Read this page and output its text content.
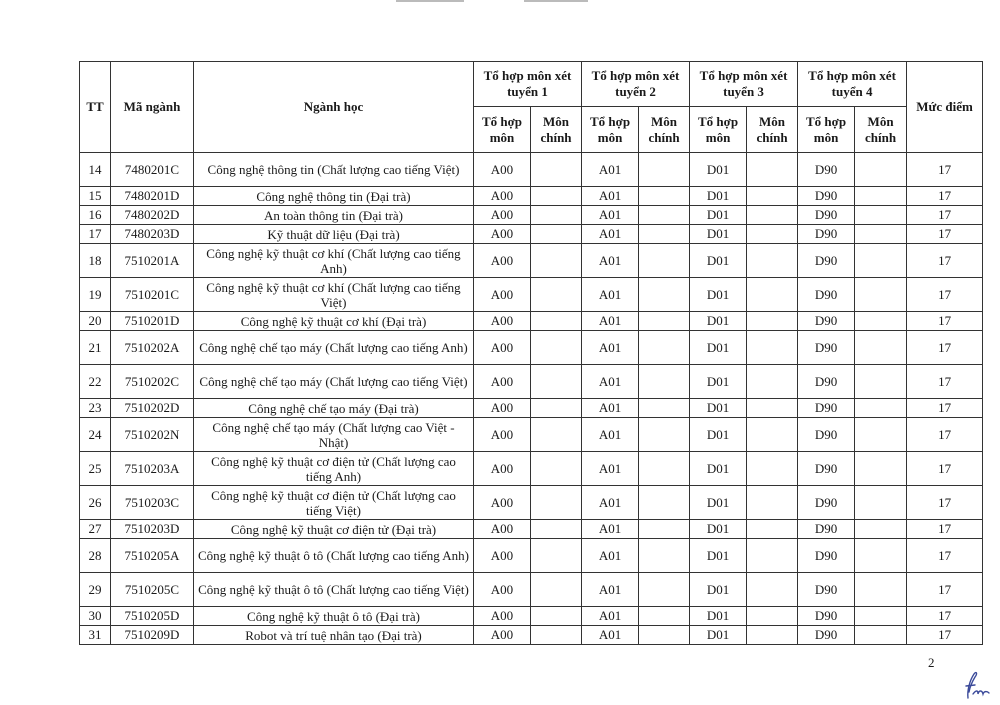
TT	Mã ngành	Ngành học	Tổ hợp môn xét tuyển 1		Tổ hợp môn xét tuyển 2		Tổ hợp môn xét tuyển 3		Tổ hợp môn xét tuyển 4		Mức điểm
			Tổ hợp môn	Môn chính	Tổ hợp môn	Môn chính	Tổ hợp môn	Môn chính	Tổ hợp môn	Môn chính	
14	7480201C	Công nghệ thông tin (Chất lượng cao tiếng Việt)	A00		A01		D01		D90		17
15	7480201D	Công nghệ thông tin (Đại trà)	A00		A01		D01		D90		17
16	7480202D	An toàn thông tin (Đại trà)	A00		A01		D01		D90		17
17	7480203D	Kỹ thuật dữ liệu (Đại trà)	A00		A01		D01		D90		17
18	7510201A	Công nghệ kỹ thuật cơ khí (Chất lượng cao tiếng Anh)	A00		A01		D01		D90		17
19	7510201C	Công nghệ kỹ thuật cơ khí (Chất lượng cao tiếng Việt)	A00		A01		D01		D90		17
20	7510201D	Công nghệ kỹ thuật cơ khí (Đại trà)	A00		A01		D01		D90		17
21	7510202A	Công nghệ chế tạo máy (Chất lượng cao tiếng Anh)	A00		A01		D01		D90		17
22	7510202C	Công nghệ chế tạo máy (Chất lượng cao tiếng Việt)	A00		A01		D01		D90		17
23	7510202D	Công nghệ chế tạo máy (Đại trà)	A00		A01		D01		D90		17
24	7510202N	Công nghệ chế tạo máy (Chất lượng cao Việt - Nhật)	A00		A01		D01		D90		17
25	7510203A	Công nghệ kỹ thuật cơ điện tử (Chất lượng cao tiếng Anh)	A00		A01		D01		D90		17
26	7510203C	Công nghệ kỹ thuật cơ điện tử (Chất lượng cao tiếng Việt)	A00		A01		D01		D90		17
27	7510203D	Công nghệ kỹ thuật cơ điện tử (Đại trà)	A00		A01		D01		D90		17
28	7510205A	Công nghệ kỹ thuật ô tô (Chất lượng cao tiếng Anh)	A00		A01		D01		D90		17
29	7510205C	Công nghệ kỹ thuật ô tô (Chất lượng cao tiếng Việt)	A00		A01		D01		D90		17
30	7510205D	Công nghệ kỹ thuật ô tô (Đại trà)	A00		A01		D01		D90		17
31	7510209D	Robot và trí tuệ nhân tạo (Đại trà)	A00		A01		D01		D90		17
2
